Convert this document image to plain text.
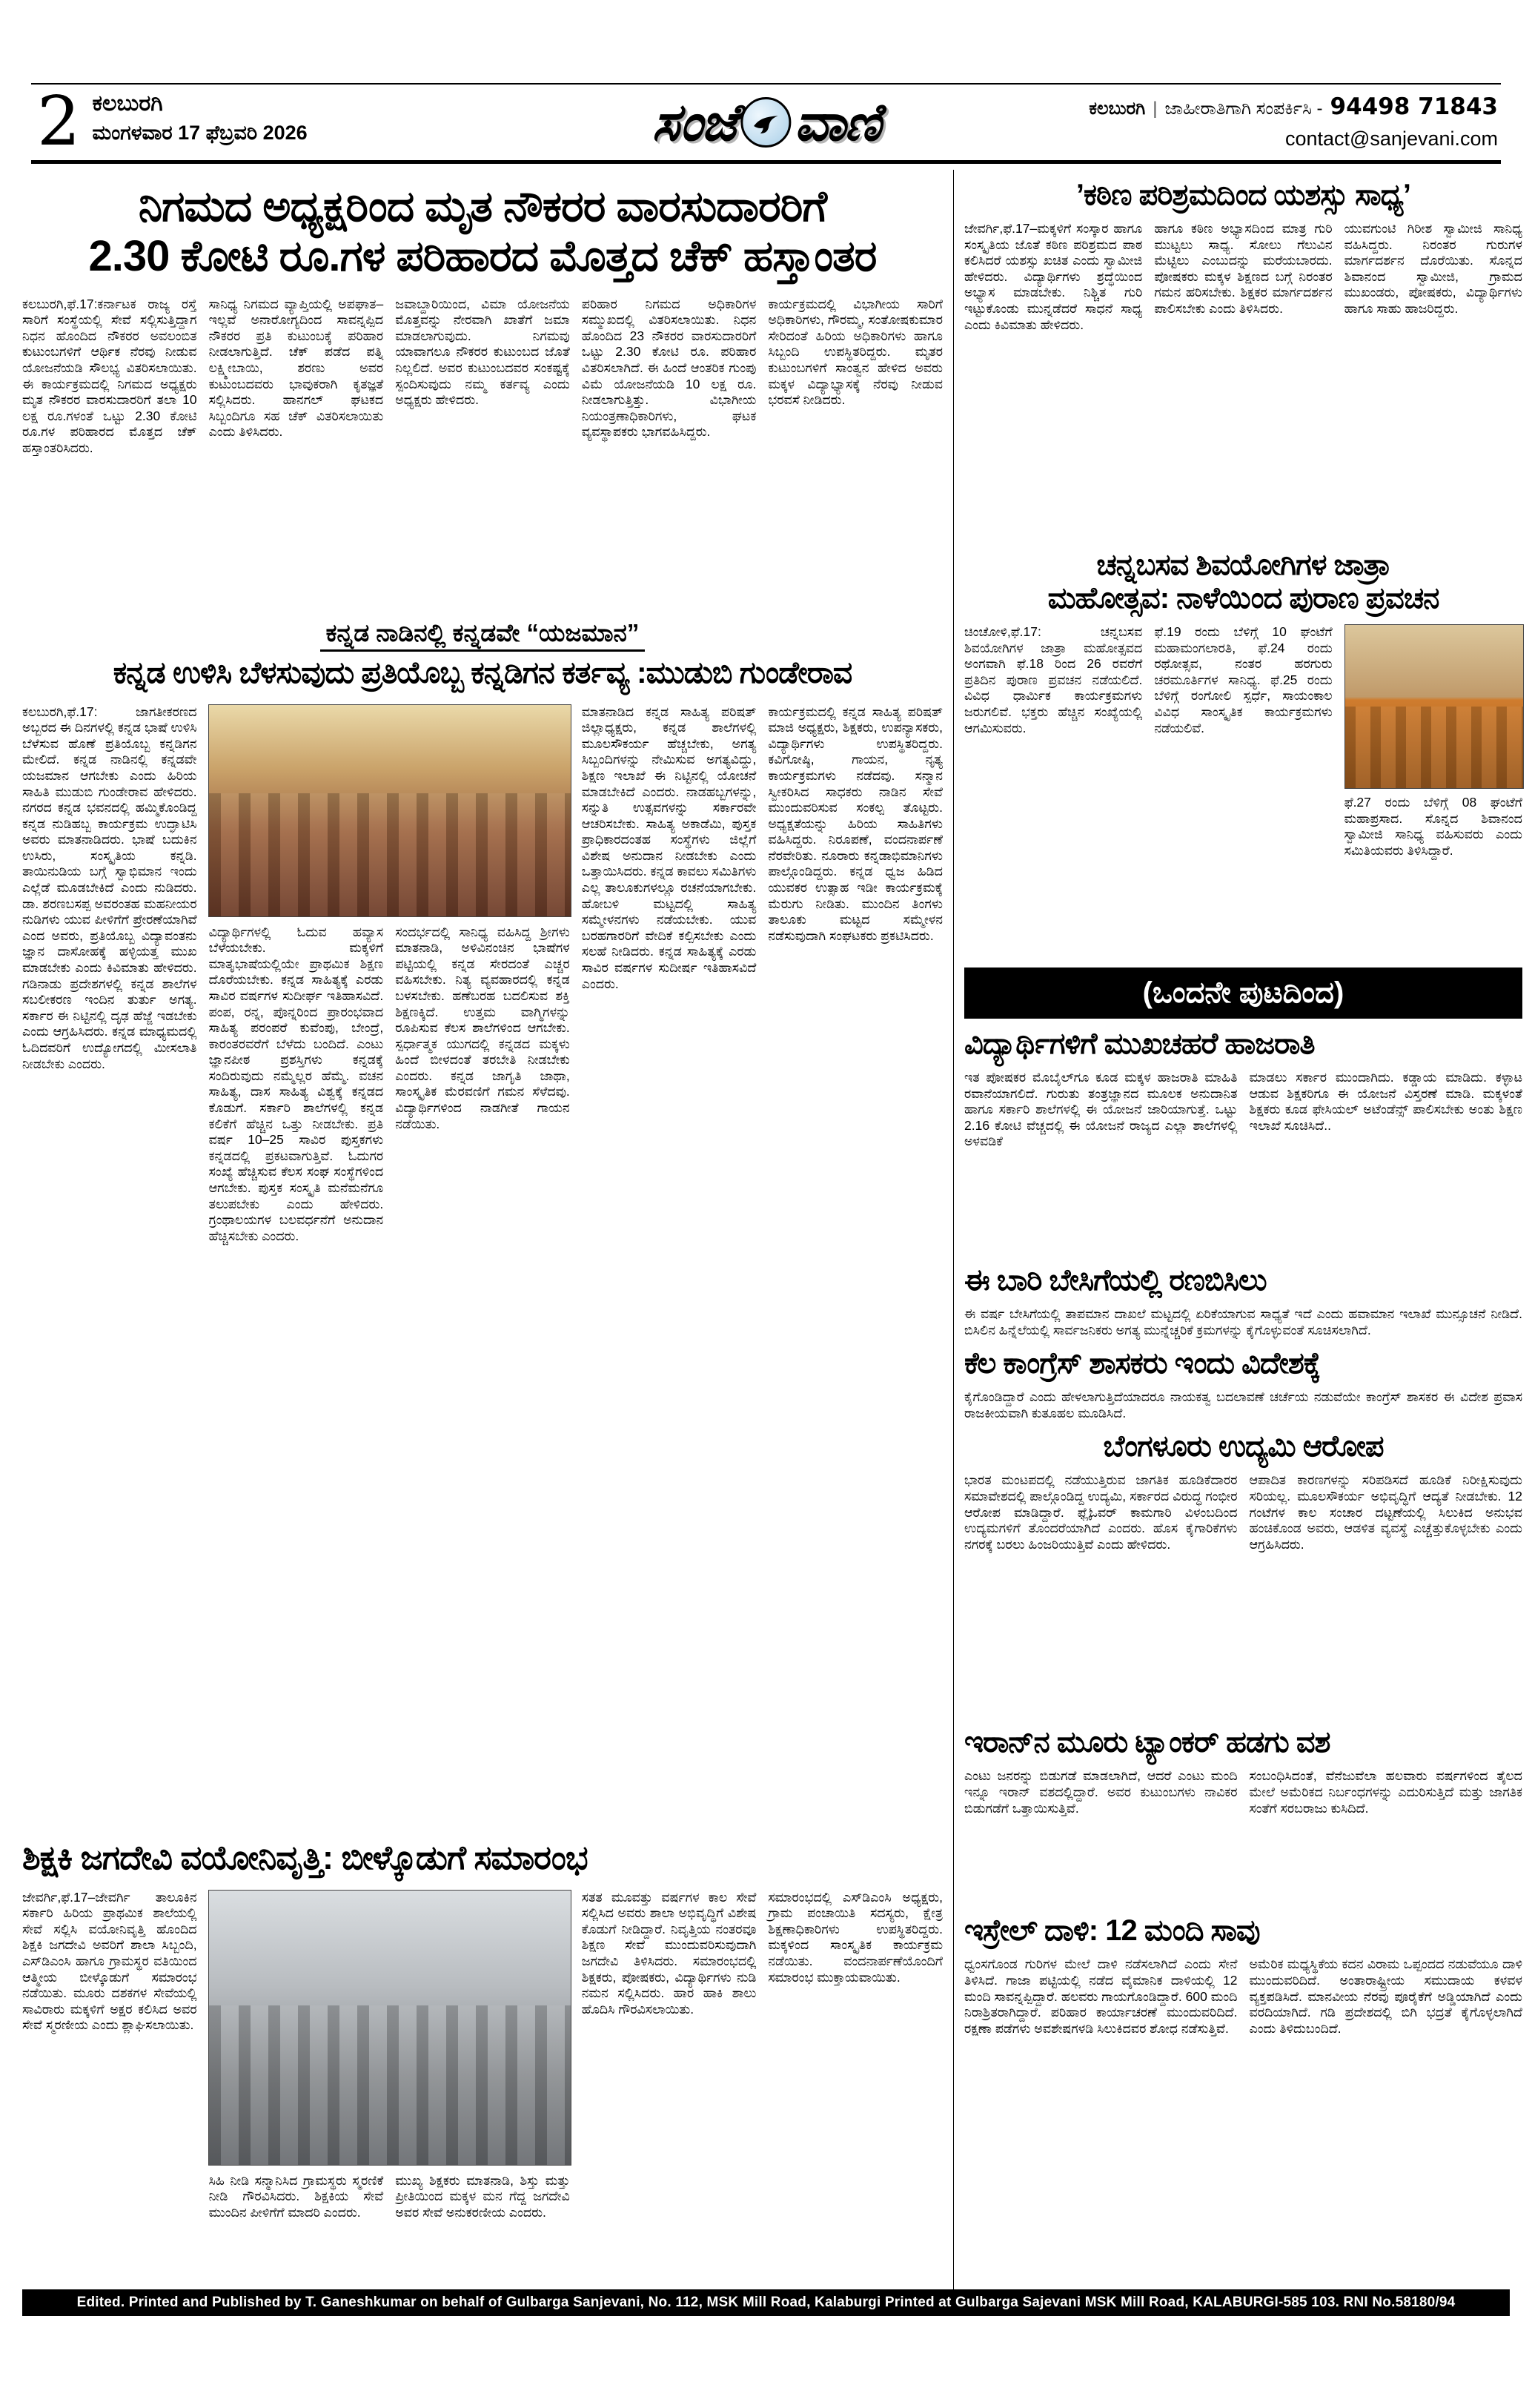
2 ಕಲಬುರಗಿ
ಮಂಗಳವಾರ 17 ಫೆಬ್ರವರಿ 2026	ಸಂಜೆ ವಾಣಿ	ಕಲಬುರಗಿ | ಜಾಹೀರಾತಿಗಾಗಿ ಸಂಪರ್ಕಿಸಿ - 94498 71843
contact@sanjevani.com
ನಿಗಮದ ಅಧ್ಯಕ್ಷರಿಂದ ಮೃತ ನೌಕರರ ವಾರಸುದಾರರಿಗೆ
2.30 ಕೋಟಿ ರೂ.ಗಳ ಪರಿಹಾರದ ಮೊತ್ತದ ಚೆಕ್ ಹಸ್ತಾಂತರ
ಕಲಬುರಗಿ,ಫೆ.17:ಕರ್ನಾಟಕ ರಾಜ್ಯ ರಸ್ತೆ ಸಾರಿಗೆ ಸಂಸ್ಥೆಯಲ್ಲಿ ಸೇವೆ ಸಲ್ಲಿಸುತ್ತಿದ್ದಾಗ ನಿಧನ ಹೊಂದಿದ ನೌಕರರ ಅವಲಂಬಿತ ಕುಟುಂಬಗಳಿಗೆ ಆರ್ಥಿಕ ನೆರವು ನೀಡುವ ಯೋಜನೆಯಡಿ ಸೌಲಭ್ಯ ವಿತರಿಸಲಾಯಿತು. ಈ ಕಾರ್ಯಕ್ರಮದಲ್ಲಿ ನಿಗಮದ ಅಧ್ಯಕ್ಷರು ಮೃತ ನೌಕರರ ವಾರಸುದಾರರಿಗೆ ತಲಾ 10 ಲಕ್ಷ ರೂ.ಗಳಂತೆ ಒಟ್ಟು 2.30 ಕೋಟಿ ರೂ.ಗಳ ಪರಿಹಾರದ ಮೊತ್ತದ ಚೆಕ್ ಹಸ್ತಾಂತರಿಸಿದರು.
ಸಾನಿಧ್ಯ ನಿಗಮದ ವ್ಯಾಪ್ತಿಯಲ್ಲಿ ಅಪಘಾತ–ಇಲ್ಲವೆ ಅನಾರೋಗ್ಯದಿಂದ ಸಾವನ್ನಪ್ಪಿದ ನೌಕರರ ಪ್ರತಿ ಕುಟುಂಬಕ್ಕೆ ಪರಿಹಾರ ನೀಡಲಾಗುತ್ತಿದೆ. ಚೆಕ್ ಪಡೆದ ಪತ್ನಿ ಲಕ್ಷ್ಮೀಬಾಯಿ, ಶರಣು ಅವರ ಕುಟುಂಬದವರು ಭಾವುಕರಾಗಿ ಕೃತಜ್ಞತೆ ಸಲ್ಲಿಸಿದರು. ಹಾನಗಲ್ ಘಟಕದ ಸಿಬ್ಬಂದಿಗೂ ಸಹ ಚೆಕ್ ವಿತರಿಸಲಾಯಿತು ಎಂದು ತಿಳಿಸಿದರು.
ಜವಾಬ್ದಾರಿಯಿಂದ, ವಿಮಾ ಯೋಜನೆಯ ಮೊತ್ತವನ್ನು ನೇರವಾಗಿ ಖಾತೆಗೆ ಜಮಾ ಮಾಡಲಾಗುವುದು. ನಿಗಮವು ಯಾವಾಗಲೂ ನೌಕರರ ಕುಟುಂಬದ ಜೊತೆ ನಿಲ್ಲಲಿದೆ. ಅವರ ಕುಟುಂಬದವರ ಸಂಕಷ್ಟಕ್ಕೆ ಸ್ಪಂದಿಸುವುದು ನಮ್ಮ ಕರ್ತವ್ಯ ಎಂದು ಅಧ್ಯಕ್ಷರು ಹೇಳಿದರು.
ಪರಿಹಾರ ನಿಗಮದ ಅಧಿಕಾರಿಗಳ ಸಮ್ಮುಖದಲ್ಲಿ ವಿತರಿಸಲಾಯಿತು. ನಿಧನ ಹೊಂದಿದ 23 ನೌಕರರ ವಾರಸುದಾರರಿಗೆ ಒಟ್ಟು 2.30 ಕೋಟಿ ರೂ. ಪರಿಹಾರ ವಿತರಿಸಲಾಗಿದೆ. ಈ ಹಿಂದೆ ಆಂತರಿಕ ಗುಂಪು ವಿಮೆ ಯೋಜನೆಯಡಿ 10 ಲಕ್ಷ ರೂ. ನೀಡಲಾಗುತ್ತಿತ್ತು. ವಿಭಾಗೀಯ ನಿಯಂತ್ರಣಾಧಿಕಾರಿಗಳು, ಘಟಕ ವ್ಯವಸ್ಥಾಪಕರು ಭಾಗವಹಿಸಿದ್ದರು.
ಕಾರ್ಯಕ್ರಮದಲ್ಲಿ ವಿಭಾಗೀಯ ಸಾರಿಗೆ ಅಧಿಕಾರಿಗಳು, ಗೌರಮ್ಮ, ಸಂತೋಷಕುಮಾರ ಸೇರಿದಂತೆ ಹಿರಿಯ ಅಧಿಕಾರಿಗಳು ಹಾಗೂ ಸಿಬ್ಬಂದಿ ಉಪಸ್ಥಿತರಿದ್ದರು. ಮೃತರ ಕುಟುಂಬಗಳಿಗೆ ಸಾಂತ್ವನ ಹೇಳಿದ ಅವರು ಮಕ್ಕಳ ವಿದ್ಯಾಭ್ಯಾಸಕ್ಕೆ ನೆರವು ನೀಡುವ ಭರವಸೆ ನೀಡಿದರು.
ಕನ್ನಡ ನಾಡಿನಲ್ಲಿ ಕನ್ನಡವೇ “ಯಜಮಾನ”
ಕನ್ನಡ ಉಳಿಸಿ ಬೆಳಸುವುದು ಪ್ರತಿಯೊಬ್ಬ ಕನ್ನಡಿಗನ ಕರ್ತವ್ಯ :ಮುಡುಬಿ ಗುಂಡೇರಾವ
ಕಲಬುರಗಿ,ಫೆ.17: ಜಾಗತೀಕರಣದ ಅಬ್ಬರದ ಈ ದಿನಗಳಲ್ಲಿ ಕನ್ನಡ ಭಾಷೆ ಉಳಿಸಿ ಬೆಳೆಸುವ ಹೊಣೆ ಪ್ರತಿಯೊಬ್ಬ ಕನ್ನಡಿಗನ ಮೇಲಿದೆ. ಕನ್ನಡ ನಾಡಿನಲ್ಲಿ ಕನ್ನಡವೇ ಯಜಮಾನ ಆಗಬೇಕು ಎಂದು ಹಿರಿಯ ಸಾಹಿತಿ ಮುಡುಬಿ ಗುಂಡೇರಾವ ಹೇಳಿದರು. ನಗರದ ಕನ್ನಡ ಭವನದಲ್ಲಿ ಹಮ್ಮಿಕೊಂಡಿದ್ದ ಕನ್ನಡ ನುಡಿಹಬ್ಬ ಕಾರ್ಯಕ್ರಮ ಉದ್ಘಾಟಿಸಿ ಅವರು ಮಾತನಾಡಿದರು. ಭಾಷೆ ಬದುಕಿನ ಉಸಿರು, ಸಂಸ್ಕೃತಿಯ ಕನ್ನಡಿ. ತಾಯಿನುಡಿಯ ಬಗ್ಗೆ ಸ್ವಾಭಿಮಾನ ಇಂದು ಎಲ್ಲೆಡೆ ಮೂಡಬೇಕಿದೆ ಎಂದು ನುಡಿದರು. ಡಾ. ಶರಣಬಸಪ್ಪ ಅವರಂತಹ ಮಹನೀಯರ ನುಡಿಗಳು ಯುವ ಪೀಳಿಗೆಗೆ ಪ್ರೇರಣೆಯಾಗಿವೆ ಎಂದ ಅವರು, ಪ್ರತಿಯೊಬ್ಬ ವಿದ್ಯಾವಂತನು ಜ್ಞಾನ ದಾಸೋಹಕ್ಕೆ ಹಳ್ಳಿಯತ್ತ ಮುಖ ಮಾಡಬೇಕು ಎಂದು ಕಿವಿಮಾತು ಹೇಳಿದರು. ಗಡಿನಾಡು ಪ್ರದೇಶಗಳಲ್ಲಿ ಕನ್ನಡ ಶಾಲೆಗಳ ಸಬಲೀಕರಣ ಇಂದಿನ ತುರ್ತು ಅಗತ್ಯ. ಸರ್ಕಾರ ಈ ನಿಟ್ಟಿನಲ್ಲಿ ದೃಢ ಹೆಜ್ಜೆ ಇಡಬೇಕು ಎಂದು ಆಗ್ರಹಿಸಿದರು. ಕನ್ನಡ ಮಾಧ್ಯಮದಲ್ಲಿ ಓದಿದವರಿಗೆ ಉದ್ಯೋಗದಲ್ಲಿ ಮೀಸಲಾತಿ ನೀಡಬೇಕು ಎಂದರು.
ವಿದ್ಯಾರ್ಥಿಗಳಲ್ಲಿ ಓದುವ ಹವ್ಯಾಸ ಬೆಳೆಯಬೇಕು. ಮಕ್ಕಳಿಗೆ ಮಾತೃಭಾಷೆಯಲ್ಲಿಯೇ ಪ್ರಾಥಮಿಕ ಶಿಕ್ಷಣ ದೊರೆಯಬೇಕು. ಕನ್ನಡ ಸಾಹಿತ್ಯಕ್ಕೆ ಎರಡು ಸಾವಿರ ವರ್ಷಗಳ ಸುದೀರ್ಘ ಇತಿಹಾಸವಿದೆ. ಪಂಪ, ರನ್ನ, ಪೊನ್ನರಿಂದ ಪ್ರಾರಂಭವಾದ ಸಾಹಿತ್ಯ ಪರಂಪರೆ ಕುವೆಂಪು, ಬೇಂದ್ರೆ, ಕಾರಂತರವರೆಗೆ ಬೆಳೆದು ಬಂದಿದೆ. ಎಂಟು ಜ್ಞಾನಪೀಠ ಪ್ರಶಸ್ತಿಗಳು ಕನ್ನಡಕ್ಕೆ ಸಂದಿರುವುದು ನಮ್ಮೆಲ್ಲರ ಹೆಮ್ಮೆ. ವಚನ ಸಾಹಿತ್ಯ, ದಾಸ ಸಾಹಿತ್ಯ ವಿಶ್ವಕ್ಕೆ ಕನ್ನಡದ ಕೊಡುಗೆ. ಸರ್ಕಾರಿ ಶಾಲೆಗಳಲ್ಲಿ ಕನ್ನಡ ಕಲಿಕೆಗೆ ಹೆಚ್ಚಿನ ಒತ್ತು ನೀಡಬೇಕು. ಪ್ರತಿ ವರ್ಷ 10–25 ಸಾವಿರ ಪುಸ್ತಕಗಳು ಕನ್ನಡದಲ್ಲಿ ಪ್ರಕಟವಾಗುತ್ತಿವೆ. ಓದುಗರ ಸಂಖ್ಯೆ ಹೆಚ್ಚಿಸುವ ಕೆಲಸ ಸಂಘ ಸಂಸ್ಥೆಗಳಿಂದ ಆಗಬೇಕು. ಪುಸ್ತಕ ಸಂಸ್ಕೃತಿ ಮನೆಮನೆಗೂ ತಲುಪಬೇಕು ಎಂದು ಹೇಳಿದರು. ಗ್ರಂಥಾಲಯಗಳ ಬಲವರ್ಧನೆಗೆ ಅನುದಾನ ಹೆಚ್ಚಿಸಬೇಕು ಎಂದರು.
ಸಂದರ್ಭದಲ್ಲಿ ಸಾನಿಧ್ಯ ವಹಿಸಿದ್ದ ಶ್ರೀಗಳು ಮಾತನಾಡಿ, ಅಳಿವಿನಂಚಿನ ಭಾಷೆಗಳ ಪಟ್ಟಿಯಲ್ಲಿ ಕನ್ನಡ ಸೇರದಂತೆ ಎಚ್ಚರ ವಹಿಸಬೇಕು. ನಿತ್ಯ ವ್ಯವಹಾರದಲ್ಲಿ ಕನ್ನಡ ಬಳಸಬೇಕು. ಹಣೆಬರಹ ಬದಲಿಸುವ ಶಕ್ತಿ ಶಿಕ್ಷಣಕ್ಕಿದೆ. ಉತ್ತಮ ವಾಗ್ಮಿಗಳನ್ನು ರೂಪಿಸುವ ಕೆಲಸ ಶಾಲೆಗಳಿಂದ ಆಗಬೇಕು. ಸ್ಪರ್ಧಾತ್ಮಕ ಯುಗದಲ್ಲಿ ಕನ್ನಡದ ಮಕ್ಕಳು ಹಿಂದೆ ಬೀಳದಂತೆ ತರಬೇತಿ ನೀಡಬೇಕು ಎಂದರು. ಕನ್ನಡ ಜಾಗೃತಿ ಜಾಥಾ, ಸಾಂಸ್ಕೃತಿಕ ಮೆರವಣಿಗೆ ಗಮನ ಸೆಳೆದವು. ವಿದ್ಯಾರ್ಥಿಗಳಿಂದ ನಾಡಗೀತೆ ಗಾಯನ ನಡೆಯಿತು.
ಮಾತನಾಡಿದ ಕನ್ನಡ ಸಾಹಿತ್ಯ ಪರಿಷತ್ ಜಿಲ್ಲಾಧ್ಯಕ್ಷರು, ಕನ್ನಡ ಶಾಲೆಗಳಲ್ಲಿ ಮೂಲಸೌಕರ್ಯ ಹೆಚ್ಚಬೇಕು, ಅಗತ್ಯ ಸಿಬ್ಬಂದಿಗಳನ್ನು ನೇಮಿಸುವ ಅಗತ್ಯವಿದ್ದು, ಶಿಕ್ಷಣ ಇಲಾಖೆ ಈ ನಿಟ್ಟಿನಲ್ಲಿ ಯೋಚನೆ ಮಾಡಬೇಕಿದೆ ಎಂದರು. ನಾಡಹಬ್ಬಗಳನ್ನು, ಸನ್ನುತಿ ಉತ್ಸವಗಳನ್ನು ಸರ್ಕಾರವೇ ಆಚರಿಸಬೇಕು. ಸಾಹಿತ್ಯ ಅಕಾಡೆಮಿ, ಪುಸ್ತಕ ಪ್ರಾಧಿಕಾರದಂತಹ ಸಂಸ್ಥೆಗಳು ಜಿಲ್ಲೆಗೆ ವಿಶೇಷ ಅನುದಾನ ನೀಡಬೇಕು ಎಂದು ಒತ್ತಾಯಿಸಿದರು. ಕನ್ನಡ ಕಾವಲು ಸಮಿತಿಗಳು ಎಲ್ಲ ತಾಲೂಕುಗಳಲ್ಲೂ ರಚನೆಯಾಗಬೇಕು. ಹೋಬಳಿ ಮಟ್ಟದಲ್ಲಿ ಸಾಹಿತ್ಯ ಸಮ್ಮೇಳನಗಳು ನಡೆಯಬೇಕು. ಯುವ ಬರಹಗಾರರಿಗೆ ವೇದಿಕೆ ಕಲ್ಪಿಸಬೇಕು ಎಂದು ಸಲಹೆ ನೀಡಿದರು. ಕನ್ನಡ ಸಾಹಿತ್ಯಕ್ಕೆ ಎರಡು ಸಾವಿರ ವರ್ಷಗಳ ಸುದೀರ್ಷ ಇತಿಹಾಸವಿದೆ ಎಂದರು.
ಕಾರ್ಯಕ್ರಮದಲ್ಲಿ ಕನ್ನಡ ಸಾಹಿತ್ಯ ಪರಿಷತ್ ಮಾಜಿ ಅಧ್ಯಕ್ಷರು, ಶಿಕ್ಷಕರು, ಉಪನ್ಯಾಸಕರು, ವಿದ್ಯಾರ್ಥಿಗಳು ಉಪಸ್ಥಿತರಿದ್ದರು. ಕವಿಗೋಷ್ಠಿ, ಗಾಯನ, ನೃತ್ಯ ಕಾರ್ಯಕ್ರಮಗಳು ನಡೆದವು. ಸನ್ಮಾನ ಸ್ವೀಕರಿಸಿದ ಸಾಧಕರು ನಾಡಿನ ಸೇವೆ ಮುಂದುವರಿಸುವ ಸಂಕಲ್ಪ ತೊಟ್ಟರು. ಅಧ್ಯಕ್ಷತೆಯನ್ನು ಹಿರಿಯ ಸಾಹಿತಿಗಳು ವಹಿಸಿದ್ದರು. ನಿರೂಪಣೆ, ವಂದನಾರ್ಪಣೆ ನೆರವೇರಿತು. ನೂರಾರು ಕನ್ನಡಾಭಿಮಾನಿಗಳು ಪಾಲ್ಗೊಂಡಿದ್ದರು. ಕನ್ನಡ ಧ್ವಜ ಹಿಡಿದ ಯುವಕರ ಉತ್ಸಾಹ ಇಡೀ ಕಾರ್ಯಕ್ರಮಕ್ಕೆ ಮೆರುಗು ನೀಡಿತು. ಮುಂದಿನ ತಿಂಗಳು ತಾಲೂಕು ಮಟ್ಟದ ಸಮ್ಮೇಳನ ನಡೆಸುವುದಾಗಿ ಸಂಘಟಕರು ಪ್ರಕಟಿಸಿದರು.
ಶಿಕ್ಷಕಿ ಜಗದೇವಿ ವಯೋನಿವೃತ್ತಿ: ಬೀಳ್ಕೊಡುಗೆ ಸಮಾರಂಭ
ಜೇವರ್ಗಿ,ಫೆ.17–ಜೇವರ್ಗಿ ತಾಲೂಕಿನ ಸರ್ಕಾರಿ ಹಿರಿಯ ಪ್ರಾಥಮಿಕ ಶಾಲೆಯಲ್ಲಿ ಸೇವೆ ಸಲ್ಲಿಸಿ ವಯೋನಿವೃತ್ತಿ ಹೊಂದಿದ ಶಿಕ್ಷಕಿ ಜಗದೇವಿ ಅವರಿಗೆ ಶಾಲಾ ಸಿಬ್ಬಂದಿ, ಎಸ್‌ಡಿಎಂಸಿ ಹಾಗೂ ಗ್ರಾಮಸ್ಥರ ವತಿಯಿಂದ ಆತ್ಮೀಯ ಬೀಳ್ಕೊಡುಗೆ ಸಮಾರಂಭ ನಡೆಯಿತು. ಮೂರು ದಶಕಗಳ ಸೇವೆಯಲ್ಲಿ ಸಾವಿರಾರು ಮಕ್ಕಳಿಗೆ ಅಕ್ಷರ ಕಲಿಸಿದ ಅವರ ಸೇವೆ ಸ್ಮರಣೀಯ ಎಂದು ಶ್ಲಾಘಿಸಲಾಯಿತು.
ಸಿಹಿ ನೀಡಿ ಸನ್ಮಾನಿಸಿದ ಗ್ರಾಮಸ್ಥರು ಸ್ಮರಣಿಕೆ ನೀಡಿ ಗೌರವಿಸಿದರು. ಶಿಕ್ಷಕಿಯ ಸೇವೆ ಮುಂದಿನ ಪೀಳಿಗೆಗೆ ಮಾದರಿ ಎಂದರು.
ಮುಖ್ಯ ಶಿಕ್ಷಕರು ಮಾತನಾಡಿ, ಶಿಸ್ತು ಮತ್ತು ಪ್ರೀತಿಯಿಂದ ಮಕ್ಕಳ ಮನ ಗೆದ್ದ ಜಗದೇವಿ ಅವರ ಸೇವೆ ಅನುಕರಣೀಯ ಎಂದರು.
ಸತತ ಮೂವತ್ತು ವರ್ಷಗಳ ಕಾಲ ಸೇವೆ ಸಲ್ಲಿಸಿದ ಅವರು ಶಾಲಾ ಅಭಿವೃದ್ಧಿಗೆ ವಿಶೇಷ ಕೊಡುಗೆ ನೀಡಿದ್ದಾರೆ. ನಿವೃತ್ತಿಯ ನಂತರವೂ ಶಿಕ್ಷಣ ಸೇವೆ ಮುಂದುವರಿಸುವುದಾಗಿ ಜಗದೇವಿ ತಿಳಿಸಿದರು. ಸಮಾರಂಭದಲ್ಲಿ ಶಿಕ್ಷಕರು, ಪೋಷಕರು, ವಿದ್ಯಾರ್ಥಿಗಳು ನುಡಿ ನಮನ ಸಲ್ಲಿಸಿದರು. ಹಾರ ಹಾಕಿ ಶಾಲು ಹೊದಿಸಿ ಗೌರವಿಸಲಾಯಿತು.
ಸಮಾರಂಭದಲ್ಲಿ ಎಸ್‌ಡಿಎಂಸಿ ಅಧ್ಯಕ್ಷರು, ಗ್ರಾಮ ಪಂಚಾಯಿತಿ ಸದಸ್ಯರು, ಕ್ಷೇತ್ರ ಶಿಕ್ಷಣಾಧಿಕಾರಿಗಳು ಉಪಸ್ಥಿತರಿದ್ದರು. ಮಕ್ಕಳಿಂದ ಸಾಂಸ್ಕೃತಿಕ ಕಾರ್ಯಕ್ರಮ ನಡೆಯಿತು. ವಂದನಾರ್ಪಣೆಯೊಂದಿಗೆ ಸಮಾರಂಭ ಮುಕ್ತಾಯವಾಯಿತು.
’ಕಠಿಣ ಪರಿಶ್ರಮದಿಂದ ಯಶಸ್ಸು ಸಾಧ್ಯ’
ಜೇವರ್ಗಿ,ಫೆ.17–ಮಕ್ಕಳಿಗೆ ಸಂಸ್ಕಾರ ಹಾಗೂ ಸಂಸ್ಕೃತಿಯ ಜೊತೆ ಕಠಿಣ ಪರಿಶ್ರಮದ ಪಾಠ ಕಲಿಸಿದರೆ ಯಶಸ್ಸು ಖಚಿತ ಎಂದು ಸ್ವಾಮೀಜಿ ಹೇಳಿದರು. ವಿದ್ಯಾರ್ಥಿಗಳು ಶ್ರದ್ಧೆಯಿಂದ ಅಭ್ಯಾಸ ಮಾಡಬೇಕು. ನಿಶ್ಚಿತ ಗುರಿ ಇಟ್ಟುಕೊಂಡು ಮುನ್ನಡೆದರೆ ಸಾಧನೆ ಸಾಧ್ಯ ಎಂದು ಕಿವಿಮಾತು ಹೇಳಿದರು.
ಹಾಗೂ ಕಠಿಣ ಅಭ್ಯಾಸದಿಂದ ಮಾತ್ರ ಗುರಿ ಮುಟ್ಟಲು ಸಾಧ್ಯ. ಸೋಲು ಗೆಲುವಿನ ಮೆಟ್ಟಿಲು ಎಂಬುದನ್ನು ಮರೆಯಬಾರದು. ಪೋಷಕರು ಮಕ್ಕಳ ಶಿಕ್ಷಣದ ಬಗ್ಗೆ ನಿರಂತರ ಗಮನ ಹರಿಸಬೇಕು. ಶಿಕ್ಷಕರ ಮಾರ್ಗದರ್ಶನ ಪಾಲಿಸಬೇಕು ಎಂದು ತಿಳಿಸಿದರು.
ಯುವಗುಂಟಿ ಗಿರೀಶ ಸ್ವಾಮೀಜಿ ಸಾನಿಧ್ಯ ವಹಿಸಿದ್ದರು. ನಿರಂತರ ಗುರುಗಳ ಮಾರ್ಗದರ್ಶನ ದೊರೆಯಿತು. ಸೊನ್ನದ ಶಿವಾನಂದ ಸ್ವಾಮೀಜಿ, ಗ್ರಾಮದ ಮುಖಂಡರು, ಪೋಷಕರು, ವಿದ್ಯಾರ್ಥಿಗಳು ಹಾಗೂ ಸಾಹು ಹಾಜರಿದ್ದರು.
ಚನ್ನಬಸವ ಶಿವಯೋಗಿಗಳ ಜಾತ್ರಾ
ಮಹೋತ್ಸವ: ನಾಳೆಯಿಂದ ಪುರಾಣ ಪ್ರವಚನ
ಚಿಂಚೋಳಿ,ಫೆ.17: ಚನ್ನಬಸವ ಶಿವಯೋಗಿಗಳ ಜಾತ್ರಾ ಮಹೋತ್ಸವದ ಅಂಗವಾಗಿ ಫೆ.18 ರಿಂದ 26 ರವರೆಗೆ ಪ್ರತಿದಿನ ಪುರಾಣ ಪ್ರವಚನ ನಡೆಯಲಿದೆ. ವಿವಿಧ ಧಾರ್ಮಿಕ ಕಾರ್ಯಕ್ರಮಗಳು ಜರುಗಲಿವೆ. ಭಕ್ತರು ಹೆಚ್ಚಿನ ಸಂಖ್ಯೆಯಲ್ಲಿ ಆಗಮಿಸುವರು.
ಫೆ.19 ರಂದು ಬೆಳಿಗ್ಗೆ 10 ಘಂಟೆಗೆ ಮಹಾಮಂಗಲಾರತಿ, ಫೆ.24 ರಂದು ರಥೋತ್ಸವ, ನಂತರ ಹರಗುರು ಚರಮೂರ್ತಿಗಳ ಸಾನಿಧ್ಯ. ಫೆ.25 ರಂದು ಬೆಳಿಗ್ಗೆ ರಂಗೋಲಿ ಸ್ಪರ್ಧೆ, ಸಾಯಂಕಾಲ ವಿವಿಧ ಸಾಂಸ್ಕೃತಿಕ ಕಾರ್ಯಕ್ರಮಗಳು ನಡೆಯಲಿವೆ.
ಫೆ.27 ರಂದು ಬೆಳಿಗ್ಗೆ 08 ಘಂಟೆಗೆ ಮಹಾಪ್ರಸಾದ. ಸೊನ್ನದ ಶಿವಾನಂದ ಸ್ವಾಮೀಜಿ ಸಾನಿಧ್ಯ ವಹಿಸುವರು ಎಂದು ಸಮಿತಿಯವರು ತಿಳಿಸಿದ್ದಾರೆ.
(ಒಂದನೇ ಪುಟದಿಂದ)
ವಿದ್ಯಾರ್ಥಿಗಳಿಗೆ ಮುಖಚಹರೆ ಹಾಜರಾತಿ
ಇತ ಪೋಷಕರ ಮೊಬೈಲ್‌ಗೂ ಕೂಡ ಮಕ್ಕಳ ಹಾಜರಾತಿ ಮಾಹಿತಿ ರವಾನೆಯಾಗಲಿದೆ. ಗುರುತು ತಂತ್ರಜ್ಞಾನದ ಮೂಲಕ ಅನುದಾನಿತ ಹಾಗೂ ಸರ್ಕಾರಿ ಶಾಲೆಗಳಲ್ಲಿ ಈ ಯೋಜನೆ ಜಾರಿಯಾಗುತ್ತೆ. ಒಟ್ಟು 2.16 ಕೋಟಿ ವೆಚ್ಚದಲ್ಲಿ ಈ ಯೋಜನೆ ರಾಜ್ಯದ ಎಲ್ಲಾ ಶಾಲೆಗಳಲ್ಲಿ ಅಳವಡಿಕೆ
ಮಾಡಲು ಸರ್ಕಾರ ಮುಂದಾಗಿದು. ಕಡ್ಡಾಯ ಮಾಡಿದು. ಕಳ್ಳಾಟ ಆಡುವ ಶಿಕ್ಷಕರಿಗೂ ಈ ಯೋಜನೆ ವಿಸ್ತರಣೆ ಮಾಡಿ. ಮಕ್ಕಳಂತೆ ಶಿಕ್ಷಕರು ಕೂಡ ಫೇಸಿಯಲ್ ಅಟೆಂಡೆನ್ಸ್ ಪಾಲಿಸಬೇಕು ಅಂತು ಶಿಕ್ಷಣ ಇಲಾಖೆ ಸೂಚಿಸಿದೆ..
ಈ ಬಾರಿ ಬೇಸಿಗೆಯಲ್ಲಿ ರಣಬಿಸಿಲು
ಈ ವರ್ಷ ಬೇಸಿಗೆಯಲ್ಲಿ ತಾಪಮಾನ ದಾಖಲೆ ಮಟ್ಟದಲ್ಲಿ ಏರಿಕೆಯಾಗುವ ಸಾಧ್ಯತೆ ಇದೆ ಎಂದು ಹವಾಮಾನ ಇಲಾಖೆ ಮುನ್ಸೂಚನೆ ನೀಡಿದೆ. ಬಿಸಿಲಿನ ಹಿನ್ನೆಲೆಯಲ್ಲಿ ಸಾರ್ವಜನಿಕರು ಅಗತ್ಯ ಮುನ್ನೆಚ್ಚರಿಕೆ ಕ್ರಮಗಳನ್ನು ಕೈಗೊಳ್ಳುವಂತೆ ಸೂಚಿಸಲಾಗಿದೆ.
ಕೆಲ ಕಾಂಗ್ರೆಸ್ ಶಾಸಕರು ಇಂದು ವಿದೇಶಕ್ಕೆ
ಕೈಗೊಂಡಿದ್ದಾರೆ ಎಂದು ಹೇಳಲಾಗುತ್ತಿದೆಯಾದರೂ ನಾಯಕತ್ವ ಬದಲಾವಣೆ ಚರ್ಚೆಯ ನಡುವೆಯೇ ಕಾಂಗ್ರೆಸ್ ಶಾಸಕರ ಈ ವಿದೇಶ ಪ್ರವಾಸ ರಾಜಕೀಯವಾಗಿ ಕುತೂಹಲ ಮೂಡಿಸಿದೆ.
ಬೆಂಗಳೂರು ಉದ್ಯಮಿ ಆರೋಪ
ಭಾರತ ಮಂಟಪದಲ್ಲಿ ನಡೆಯುತ್ತಿರುವ ಜಾಗತಿಕ ಹೂಡಿಕೆದಾರರ ಸಮಾವೇಶದಲ್ಲಿ ಪಾಲ್ಗೊಂಡಿದ್ದ ಉದ್ಯಮಿ, ಸರ್ಕಾರದ ವಿರುದ್ಧ ಗಂಭೀರ ಆರೋಪ ಮಾಡಿದ್ದಾರೆ. ಫ್ಲೈಓವರ್ ಕಾಮಗಾರಿ ವಿಳಂಬದಿಂದ ಉದ್ಯಮಗಳಿಗೆ ತೊಂದರೆಯಾಗಿದೆ ಎಂದರು. ಹೊಸ ಕೈಗಾರಿಕೆಗಳು ನಗರಕ್ಕೆ ಬರಲು ಹಿಂಜರಿಯುತ್ತಿವೆ ಎಂದು ಹೇಳಿದರು.
ಆಪಾದಿತ ಕಾರಣಗಳನ್ನು ಸರಿಪಡಿಸದೆ ಹೂಡಿಕೆ ನಿರೀಕ್ಷಿಸುವುದು ಸರಿಯಲ್ಲ. ಮೂಲಸೌಕರ್ಯ ಅಭಿವೃದ್ಧಿಗೆ ಆದ್ಯತೆ ನೀಡಬೇಕು. 12 ಗಂಟೆಗಳ ಕಾಲ ಸಂಚಾರ ದಟ್ಟಣೆಯಲ್ಲಿ ಸಿಲುಕಿದ ಅನುಭವ ಹಂಚಿಕೊಂಡ ಅವರು, ಆಡಳಿತ ವ್ಯವಸ್ಥೆ ಎಚ್ಚೆತ್ತುಕೊಳ್ಳಬೇಕು ಎಂದು ಆಗ್ರಹಿಸಿದರು.
ಇರಾನ್‌ನ ಮೂರು ಟ್ಯಾಂಕರ್ ಹಡಗು ವಶ
ಎಂಟು ಜನರನ್ನು ಬಿಡುಗಡೆ ಮಾಡಲಾಗಿದೆ, ಆದರೆ ಎಂಟು ಮಂದಿ ಇನ್ನೂ ಇರಾನ್ ವಶದಲ್ಲಿದ್ದಾರೆ. ಅವರ ಕುಟುಂಬಗಳು ನಾವಿಕರ ಬಿಡುಗಡೆಗೆ ಒತ್ತಾಯಿಸುತ್ತಿವೆ.
ಸಂಬಂಧಿಸಿದಂತೆ, ವೆನೆಜುವೆಲಾ ಹಲವಾರು ವರ್ಷಗಳಿಂದ ತೈಲದ ಮೇಲೆ ಅಮೆರಿಕದ ನಿರ್ಬಂಧಗಳನ್ನು ಎದುರಿಸುತ್ತಿದೆ ಮತ್ತು ಜಾಗತಿಕ ಸಂತೆಗೆ ಸರಬರಾಜು ಕುಸಿದಿದೆ.
ಇಸ್ರೇಲ್ ದಾಳಿ: 12 ಮಂದಿ ಸಾವು
ಧ್ವಂಸಗೊಂಡ ಗುರಿಗಳ ಮೇಲೆ ದಾಳಿ ನಡೆಸಲಾಗಿದೆ ಎಂದು ಸೇನೆ ತಿಳಿಸಿದೆ. ಗಾಜಾ ಪಟ್ಟಿಯಲ್ಲಿ ನಡೆದ ವೈಮಾನಿಕ ದಾಳಿಯಲ್ಲಿ 12 ಮಂದಿ ಸಾವನ್ನಪ್ಪಿದ್ದಾರೆ. ಹಲವರು ಗಾಯಗೊಂಡಿದ್ದಾರೆ. 600 ಮಂದಿ ನಿರಾಶ್ರಿತರಾಗಿದ್ದಾರೆ. ಪರಿಹಾರ ಕಾರ್ಯಾಚರಣೆ ಮುಂದುವರಿದಿದೆ. ರಕ್ಷಣಾ ಪಡೆಗಳು ಅವಶೇಷಗಳಡಿ ಸಿಲುಕಿದವರ ಶೋಧ ನಡೆಸುತ್ತಿವೆ.
ಅಮೆರಿಕ ಮಧ್ಯಸ್ಥಿಕೆಯ ಕದನ ವಿರಾಮ ಒಪ್ಪಂದದ ನಡುವೆಯೂ ದಾಳಿ ಮುಂದುವರಿದಿದೆ. ಅಂತಾರಾಷ್ಟ್ರೀಯ ಸಮುದಾಯ ಕಳವಳ ವ್ಯಕ್ತಪಡಿಸಿದೆ. ಮಾನವೀಯ ನೆರವು ಪೂರೈಕೆಗೆ ಅಡ್ಡಿಯಾಗಿದೆ ಎಂದು ವರದಿಯಾಗಿದೆ. ಗಡಿ ಪ್ರದೇಶದಲ್ಲಿ ಬಿಗಿ ಭದ್ರತೆ ಕೈಗೊಳ್ಳಲಾಗಿದೆ ಎಂದು ತಿಳಿದುಬಂದಿದೆ.
Edited. Printed and Published by T. Ganeshkumar on behalf of Gulbarga Sanjevani, No. 112, MSK Mill Road, Kalaburgi Printed at Gulbarga Sajevani MSK Mill Road, KALABURGI-585 103. RNI No.58180/94
